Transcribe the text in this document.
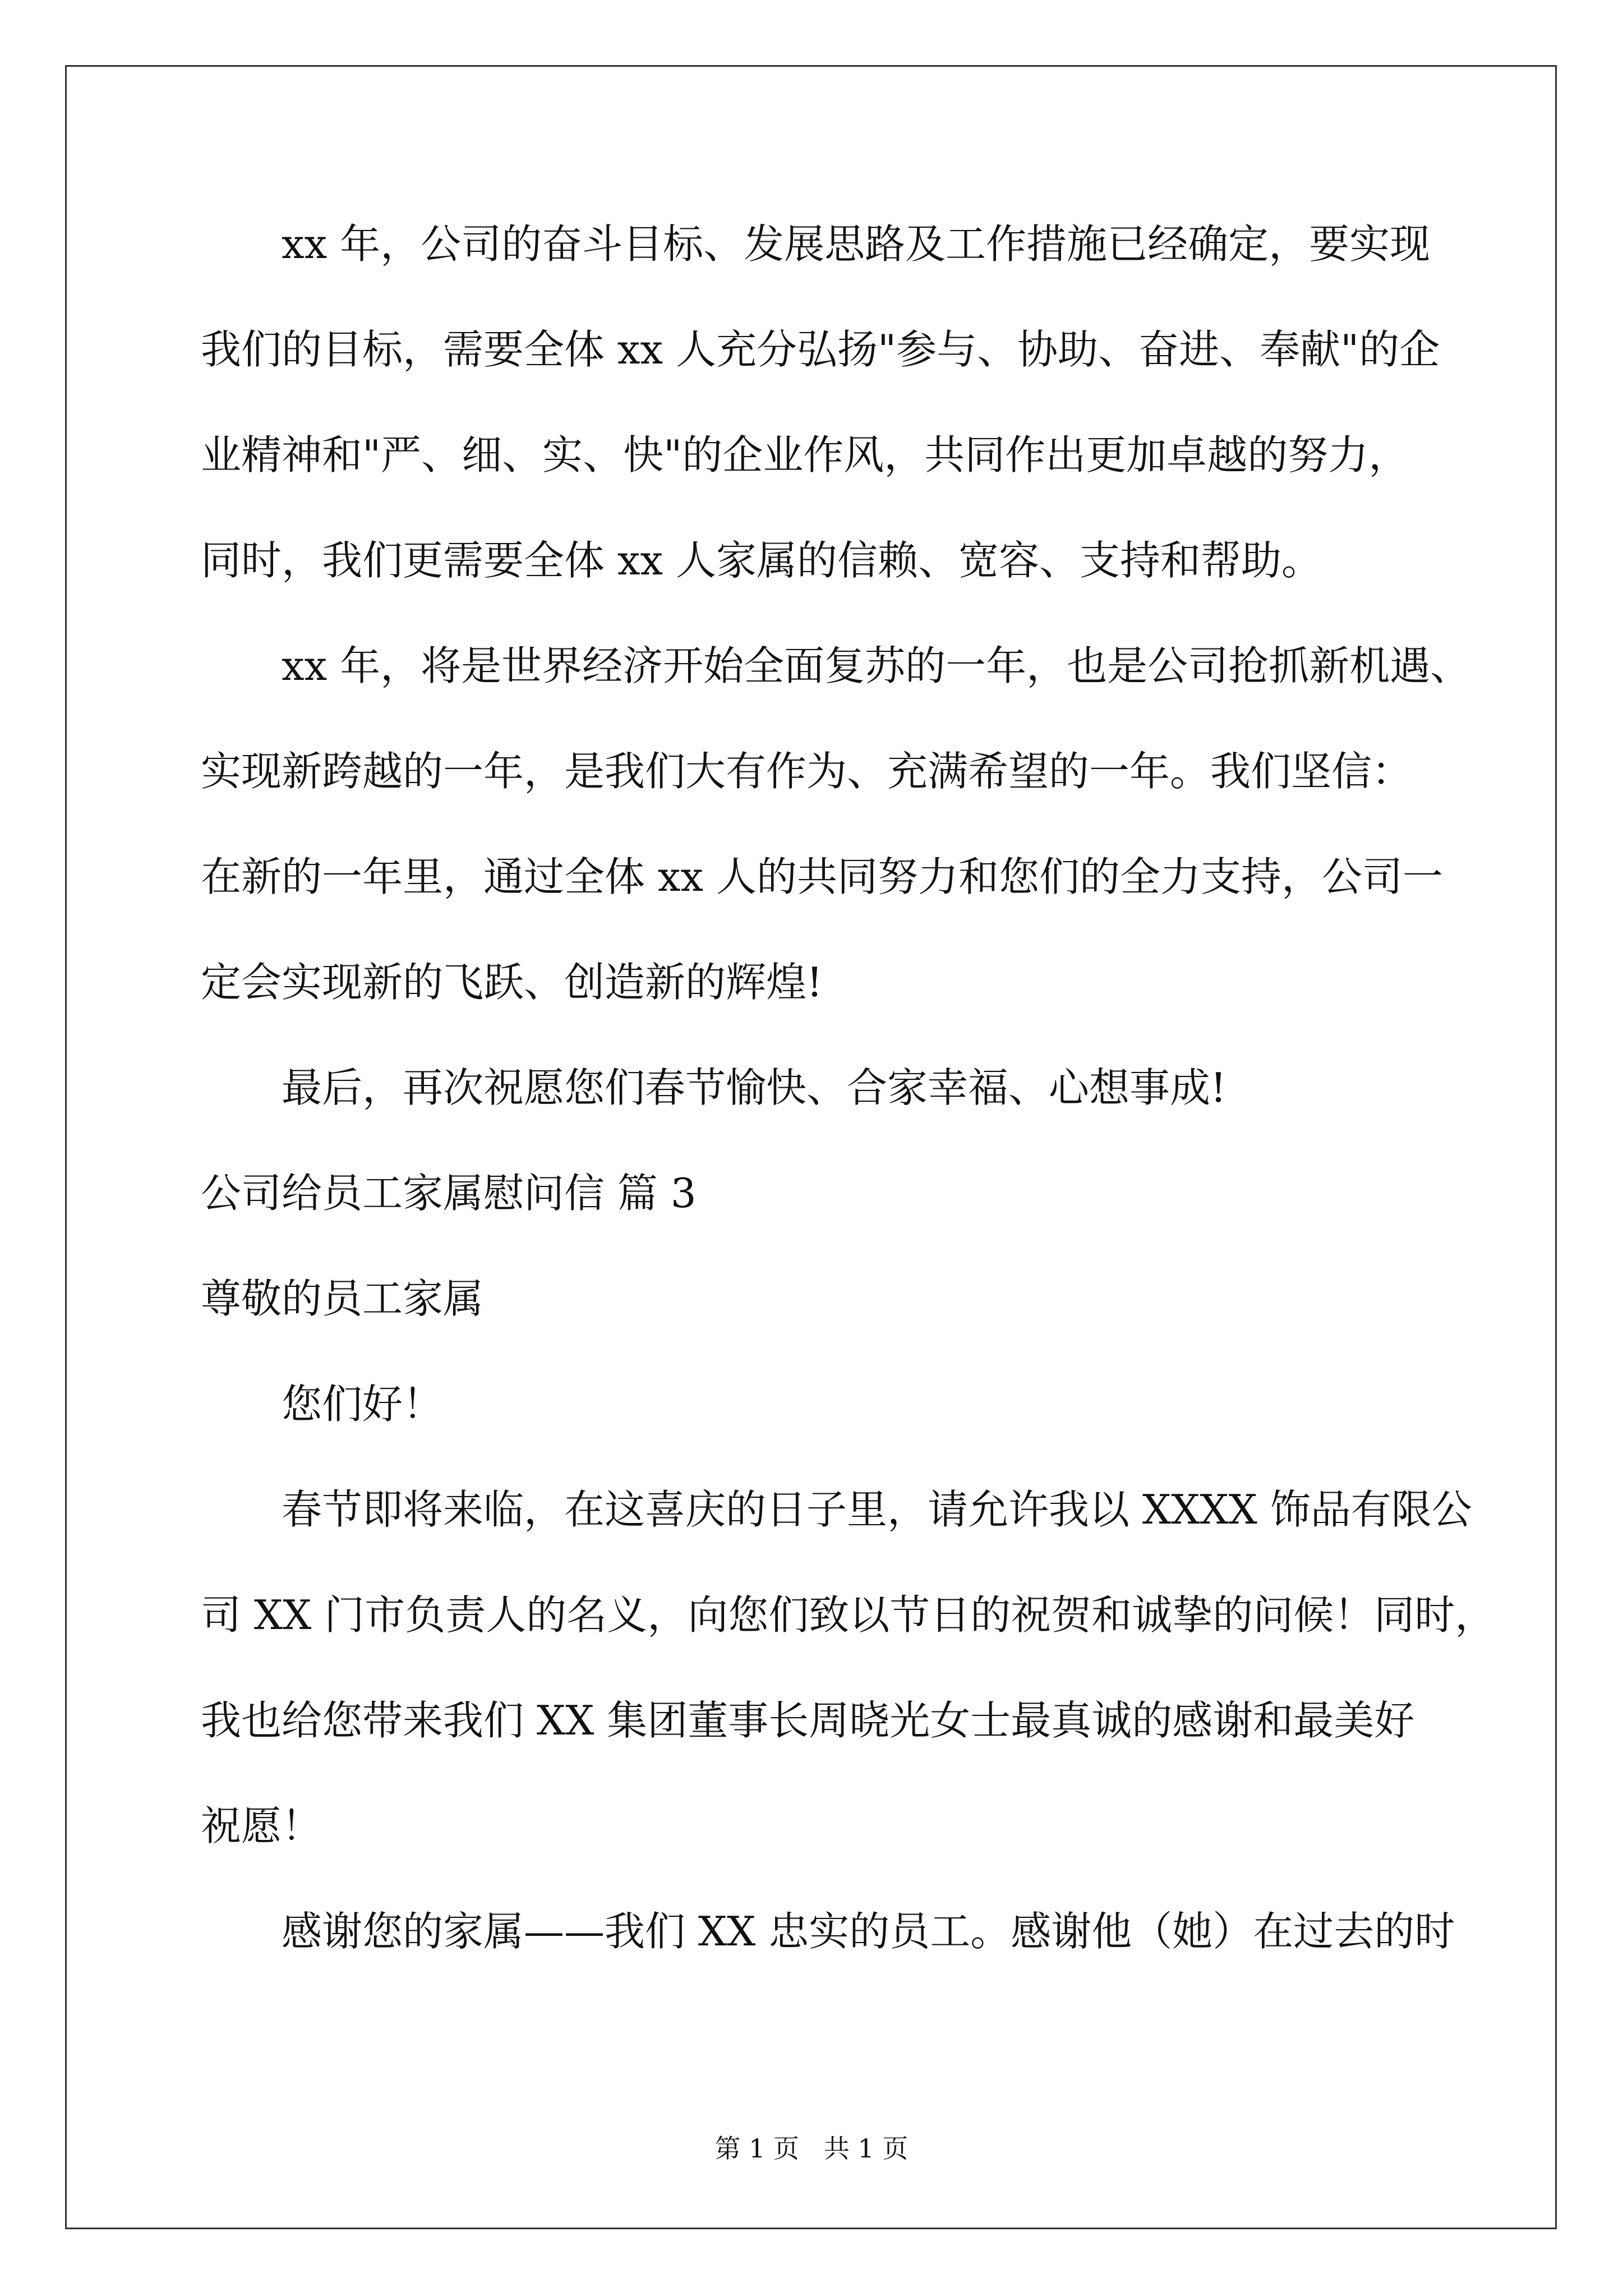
xx 年，公司的奋斗目标、发展思路及工作措施已经确定，要实现
我们的目标，需要全体 xx 人充分弘扬"参与、协助、奋进、奉献"的企
业精神和"严、细、实、快"的企业作风，共同作出更加卓越的努力，
同时，我们更需要全体 xx 人家属的信赖、宽容、支持和帮助。
xx 年，将是世界经济开始全面复苏的一年，也是公司抢抓新机遇、
实现新跨越的一年，是我们大有作为、充满希望的一年。我们坚信：
在新的一年里，通过全体 xx 人的共同努力和您们的全力支持，公司一
定会实现新的飞跃、创造新的辉煌!
最后，再次祝愿您们春节愉快、合家幸福、心想事成!
公司给员工家属慰问信 篇 3
尊敬的员工家属
您们好！
春节即将来临，在这喜庆的日子里，请允许我以 XXXX 饰品有限公
司 XX 门市负责人的名义，向您们致以节日的祝贺和诚挚的问候！同时，
我也给您带来我们 XX 集团董事长周晓光女士最真诚的感谢和最美好
祝愿！
感谢您的家属——我们 XX 忠实的员工。感谢他（她）在过去的时
第 1 页   共 1 页
